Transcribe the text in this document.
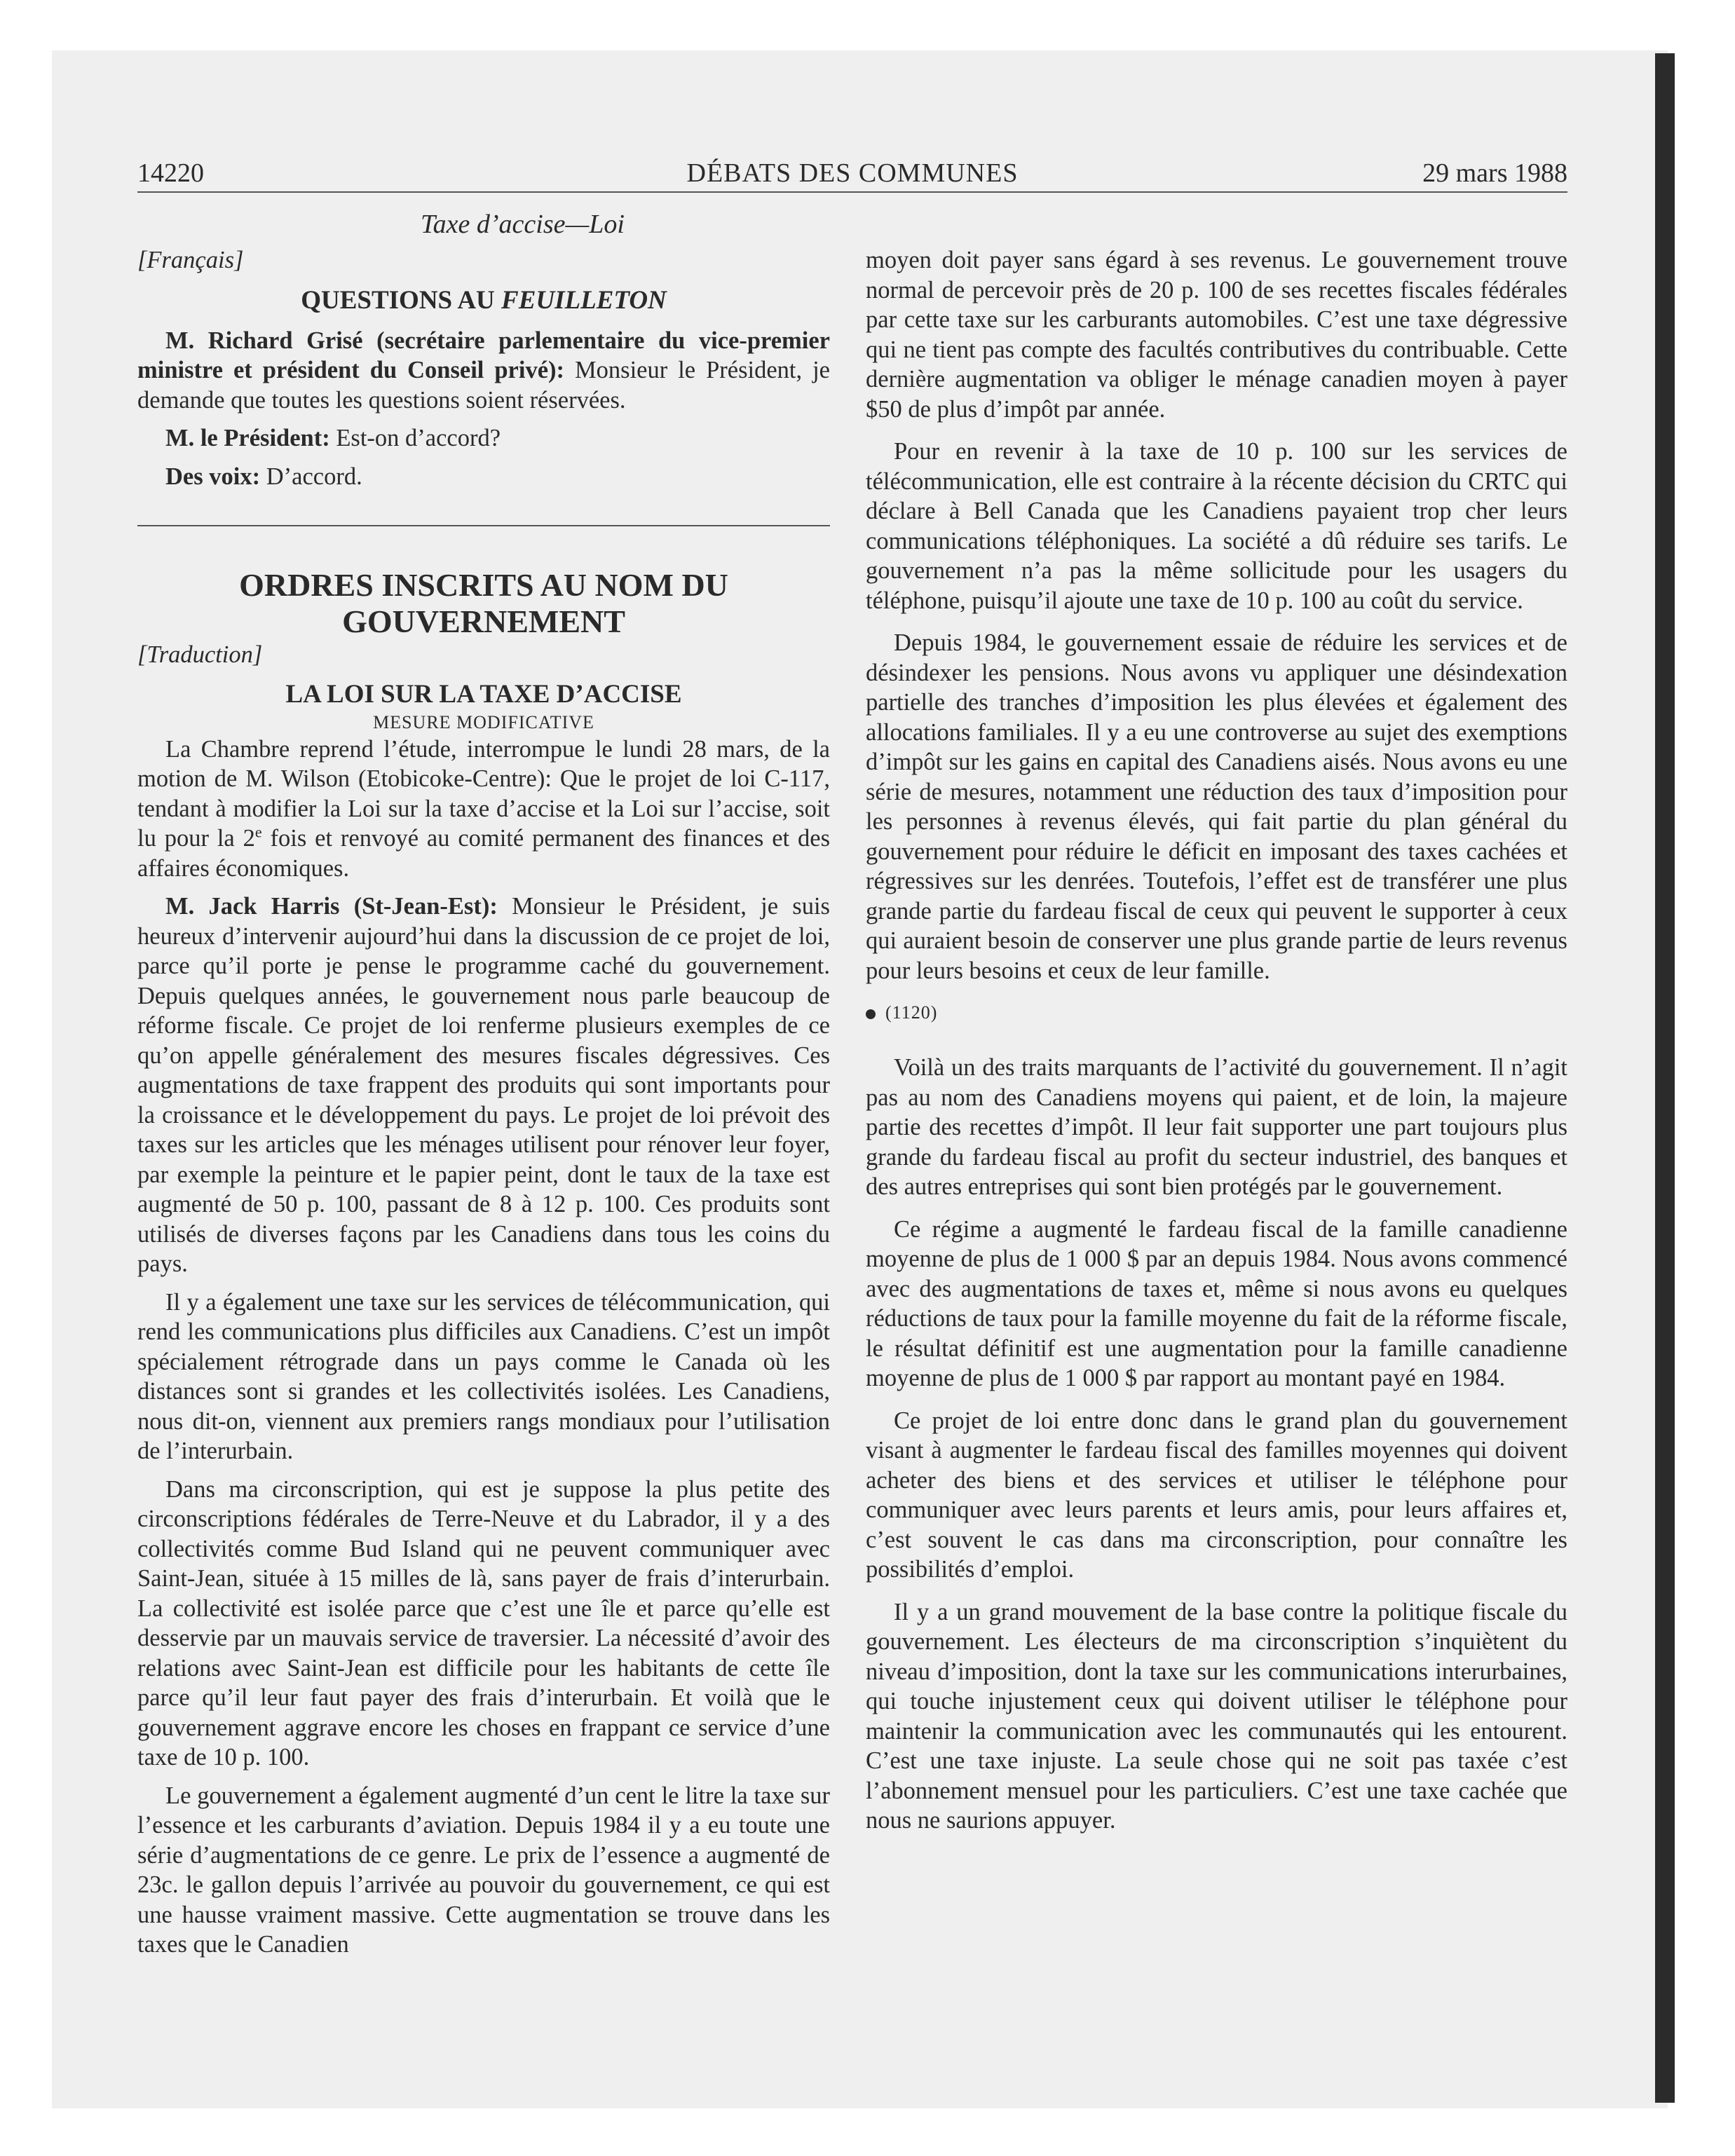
14220	DÉBATS DES COMMUNES	29 mars 1988
Taxe d’accise—Loi

[Français]

QUESTIONS AU FEUILLETON

M. Richard Grisé (secrétaire parlementaire du vice-premier ministre et président du Conseil privé): Monsieur le Président, je demande que toutes les questions soient réservées.

M. le Président: Est-on d’accord?

Des voix: D’accord.

ORDRES INSCRITS AU NOM DU

GOUVERNEMENT

[Traduction]

LA LOI SUR LA TAXE D’ACCISE

MESURE MODIFICATIVE

La Chambre reprend l’étude, interrompue le lundi 28 mars, de la motion de M. Wilson (Etobicoke-Centre): Que le projet de loi C-117, tendant à modifier la Loi sur la taxe d’accise et la Loi sur l’accise, soit lu pour la 2e fois et renvoyé au comité permanent des finances et des affaires économiques.

M. Jack Harris (St-Jean-Est): Monsieur le Président, je suis heureux d’intervenir aujourd’hui dans la discussion de ce projet de loi, parce qu’il porte je pense le programme caché du gouvernement. Depuis quelques années, le gouvernement nous parle beaucoup de réforme fiscale. Ce projet de loi renferme plusieurs exemples de ce qu’on appelle généralement des mesures fiscales dégressives. Ces augmentations de taxe frappent des produits qui sont importants pour la croissance et le développement du pays. Le projet de loi prévoit des taxes sur les articles que les ménages utilisent pour rénover leur foyer, par exemple la peinture et le papier peint, dont le taux de la taxe est augmenté de 50 p. 100, passant de 8 à 12 p. 100. Ces produits sont utilisés de diverses façons par les Canadiens dans tous les coins du pays.

Il y a également une taxe sur les services de télécommunication, qui rend les communications plus difficiles aux Canadiens. C’est un impôt spécialement rétrograde dans un pays comme le Canada où les distances sont si grandes et les collectivités isolées. Les Canadiens, nous dit-on, viennent aux premiers rangs mondiaux pour l’utilisation de l’interurbain.

Dans ma circonscription, qui est je suppose la plus petite des circonscriptions fédérales de Terre-Neuve et du Labrador, il y a des collectivités comme Bud Island qui ne peuvent communiquer avec Saint-Jean, située à 15 milles de là, sans payer de frais d’interurbain. La collectivité est isolée parce que c’est une île et parce qu’elle est desservie par un mauvais service de traversier. La nécessité d’avoir des relations avec Saint-Jean est difficile pour les habitants de cette île parce qu’il leur faut payer des frais d’interurbain. Et voilà que le gouvernement aggrave encore les choses en frappant ce service d’une taxe de 10 p. 100.

Le gouvernement a également augmenté d’un cent le litre la taxe sur l’essence et les carburants d’aviation. Depuis 1984 il y a eu toute une série d’augmentations de ce genre. Le prix de l’essence a augmenté de 23c. le gallon depuis l’arrivée au pouvoir du gouvernement, ce qui est une hausse vraiment massive. Cette augmentation se trouve dans les taxes que le Canadien

moyen doit payer sans égard à ses revenus. Le gouvernement trouve normal de percevoir près de 20 p. 100 de ses recettes fiscales fédérales par cette taxe sur les carburants automobiles. C’est une taxe dégressive qui ne tient pas compte des facultés contributives du contribuable. Cette dernière augmentation va obliger le ménage canadien moyen à payer $50 de plus d’impôt par année.

Pour en revenir à la taxe de 10 p. 100 sur les services de télécommunication, elle est contraire à la récente décision du CRTC qui déclare à Bell Canada que les Canadiens payaient trop cher leurs communications téléphoniques. La société a dû réduire ses tarifs. Le gouvernement n’a pas la même sollicitude pour les usagers du téléphone, puisqu’il ajoute une taxe de 10 p. 100 au coût du service.

Depuis 1984, le gouvernement essaie de réduire les services et de désindexer les pensions. Nous avons vu appliquer une désindexation partielle des tranches d’imposition les plus élevées et également des allocations familiales. Il y a eu une controverse au sujet des exemptions d’impôt sur les gains en capital des Canadiens aisés. Nous avons eu une série de mesures, notamment une réduction des taux d’imposition pour les personnes à revenus élevés, qui fait partie du plan général du gouvernement pour réduire le déficit en imposant des taxes cachées et régressives sur les denrées. Toutefois, l’effet est de transférer une plus grande partie du fardeau fiscal de ceux qui peuvent le supporter à ceux qui auraient besoin de conserver une plus grande partie de leurs revenus pour leurs besoins et ceux de leur famille.

(1120)

Voilà un des traits marquants de l’activité du gouvernement. Il n’agit pas au nom des Canadiens moyens qui paient, et de loin, la majeure partie des recettes d’impôt. Il leur fait supporter une part toujours plus grande du fardeau fiscal au profit du secteur industriel, des banques et des autres entreprises qui sont bien protégés par le gouvernement.

Ce régime a augmenté le fardeau fiscal de la famille canadienne moyenne de plus de 1 000 $ par an depuis 1984. Nous avons commencé avec des augmentations de taxes et, même si nous avons eu quelques réductions de taux pour la famille moyenne du fait de la réforme fiscale, le résultat définitif est une augmentation pour la famille canadienne moyenne de plus de 1 000 $ par rapport au montant payé en 1984.

Ce projet de loi entre donc dans le grand plan du gouvernement visant à augmenter le fardeau fiscal des familles moyennes qui doivent acheter des biens et des services et utiliser le téléphone pour communiquer avec leurs parents et leurs amis, pour leurs affaires et, c’est souvent le cas dans ma circonscription, pour connaître les possibilités d’emploi.

Il y a un grand mouvement de la base contre la politique fiscale du gouvernement. Les électeurs de ma circonscription s’inquiètent du niveau d’imposition, dont la taxe sur les communications interurbaines, qui touche injustement ceux qui doivent utiliser le téléphone pour maintenir la communication avec les communautés qui les entourent. C’est une taxe injuste. La seule chose qui ne soit pas taxée c’est l’abonnement mensuel pour les particuliers. C’est une taxe cachée que nous ne saurions appuyer.
